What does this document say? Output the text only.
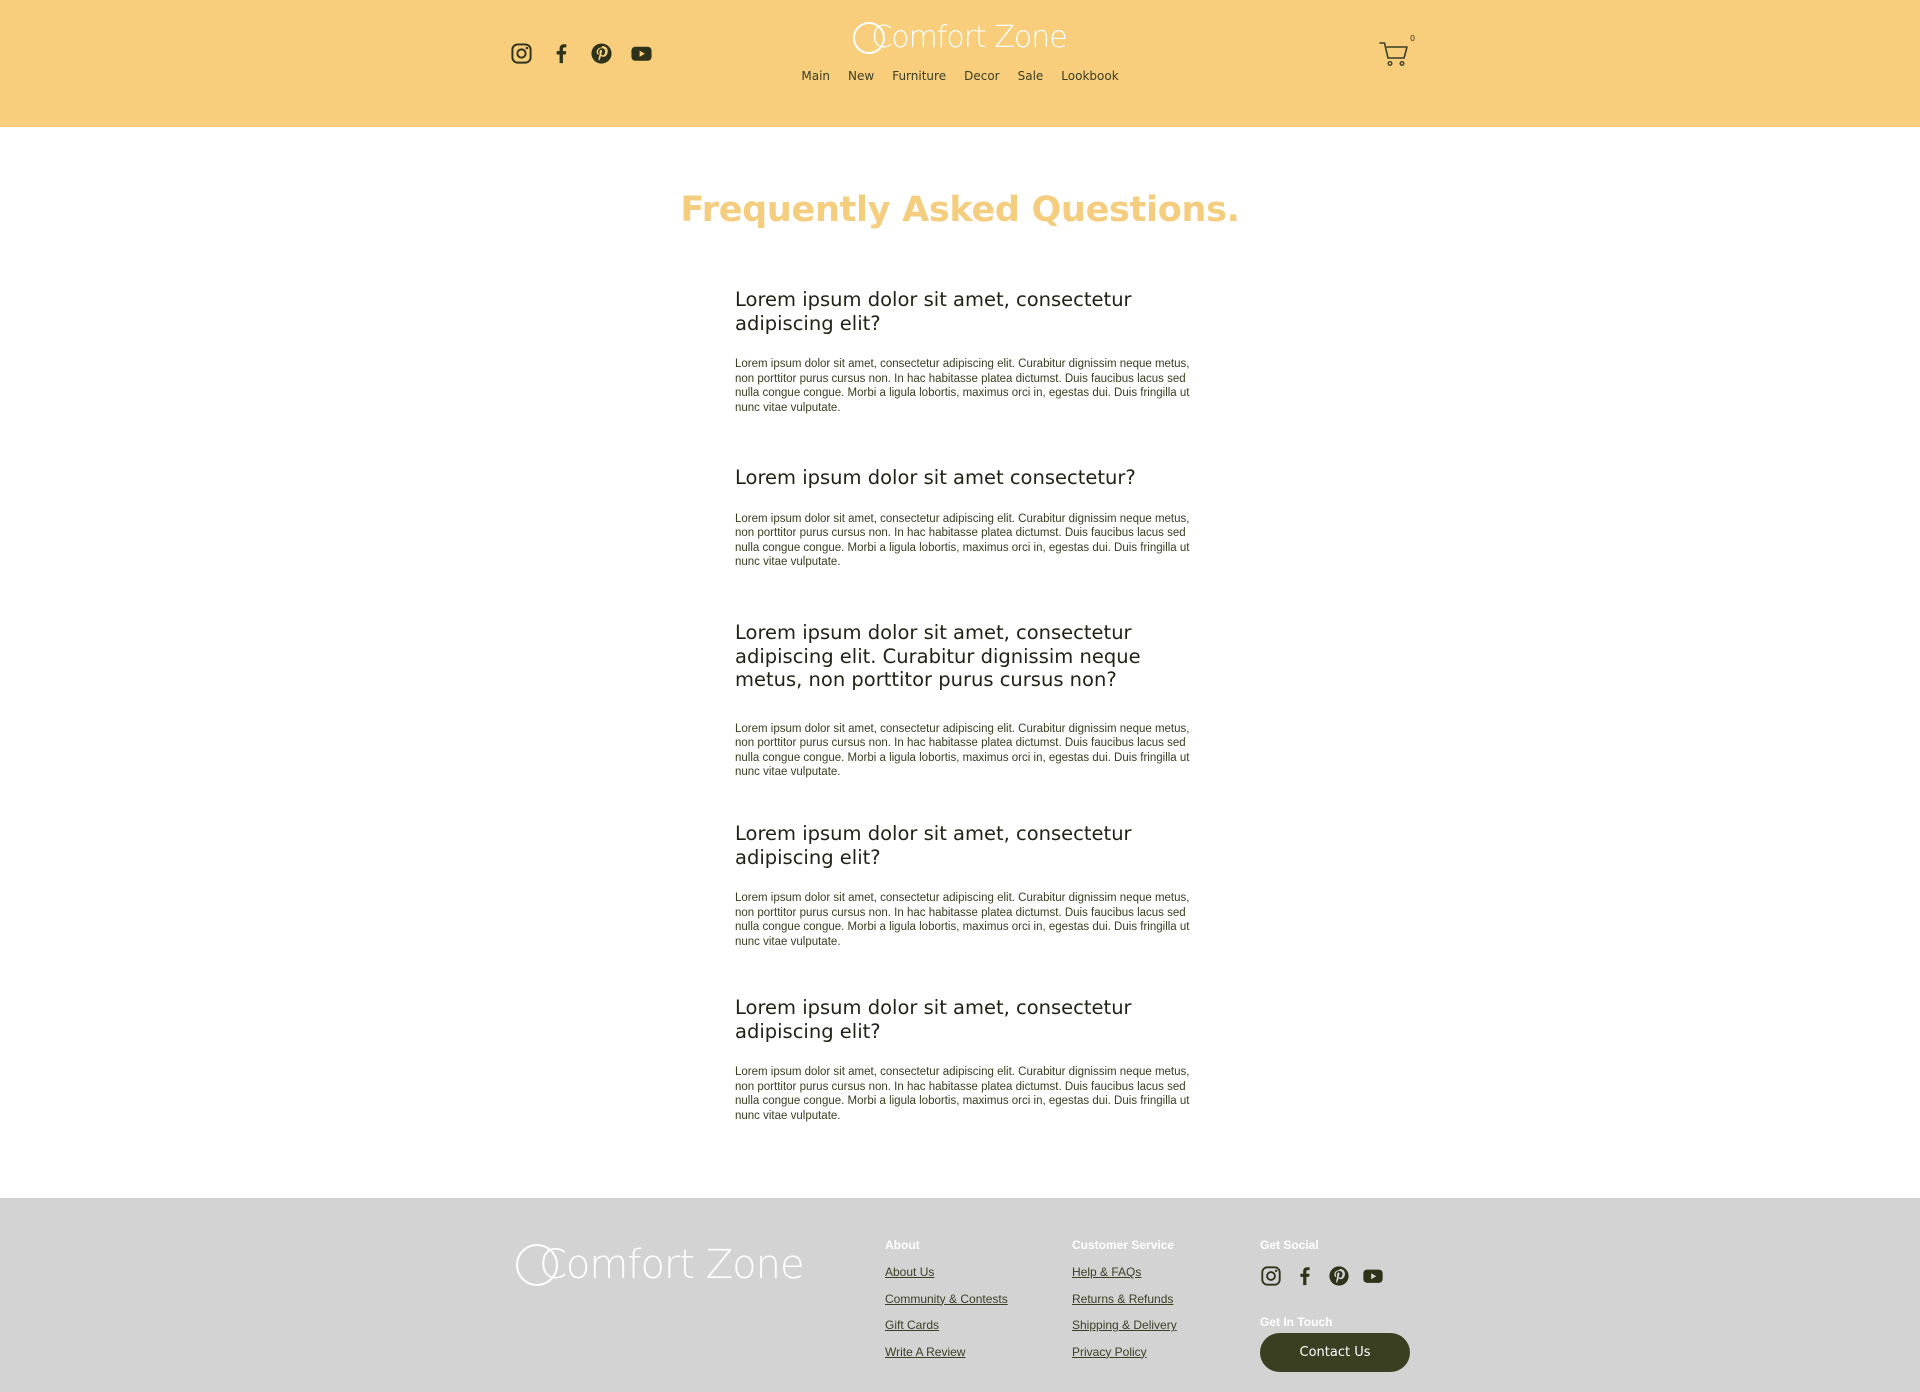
Comfort Zone
Main New Furniture Decor Sale Lookbook
0
Frequently Asked Questions.
Lorem ipsum dolor sit amet, consectetur adipiscing elit?

Lorem ipsum dolor sit amet, consectetur adipiscing elit. Curabitur dignissim neque metus, non porttitor purus cursus non. In hac habitasse platea dictumst. Duis faucibus lacus sed nulla congue congue. Morbi a ligula lobortis, maximus orci in, egestas dui. Duis fringilla ut nunc vitae vulputate.

Lorem ipsum dolor sit amet consectetur?

Lorem ipsum dolor sit amet, consectetur adipiscing elit. Curabitur dignissim neque metus, non porttitor purus cursus non. In hac habitasse platea dictumst. Duis faucibus lacus sed nulla congue congue. Morbi a ligula lobortis, maximus orci in, egestas dui. Duis fringilla ut nunc vitae vulputate.

Lorem ipsum dolor sit amet, consectetur adipiscing elit. Curabitur dignissim neque metus, non porttitor purus cursus non?

Lorem ipsum dolor sit amet, consectetur adipiscing elit. Curabitur dignissim neque metus, non porttitor purus cursus non. In hac habitasse platea dictumst. Duis faucibus lacus sed nulla congue congue. Morbi a ligula lobortis, maximus orci in, egestas dui. Duis fringilla ut nunc vitae vulputate.

Lorem ipsum dolor sit amet, consectetur adipiscing elit?

Lorem ipsum dolor sit amet, consectetur adipiscing elit. Curabitur dignissim neque metus, non porttitor purus cursus non. In hac habitasse platea dictumst. Duis faucibus lacus sed nulla congue congue. Morbi a ligula lobortis, maximus orci in, egestas dui. Duis fringilla ut nunc vitae vulputate.

Lorem ipsum dolor sit amet, consectetur adipiscing elit?

Lorem ipsum dolor sit amet, consectetur adipiscing elit. Curabitur dignissim neque metus, non porttitor purus cursus non. In hac habitasse platea dictumst. Duis faucibus lacus sed nulla congue congue. Morbi a ligula lobortis, maximus orci in, egestas dui. Duis fringilla ut nunc vitae vulputate.

Comfort Zone	About
About Us
Community & Contests
Gift Cards
Write A Review
Customer Service
Help & FAQs
Returns & Refunds
Shipping & Delivery
Privacy Policy
Get Social
Get In Touch
Contact Us
